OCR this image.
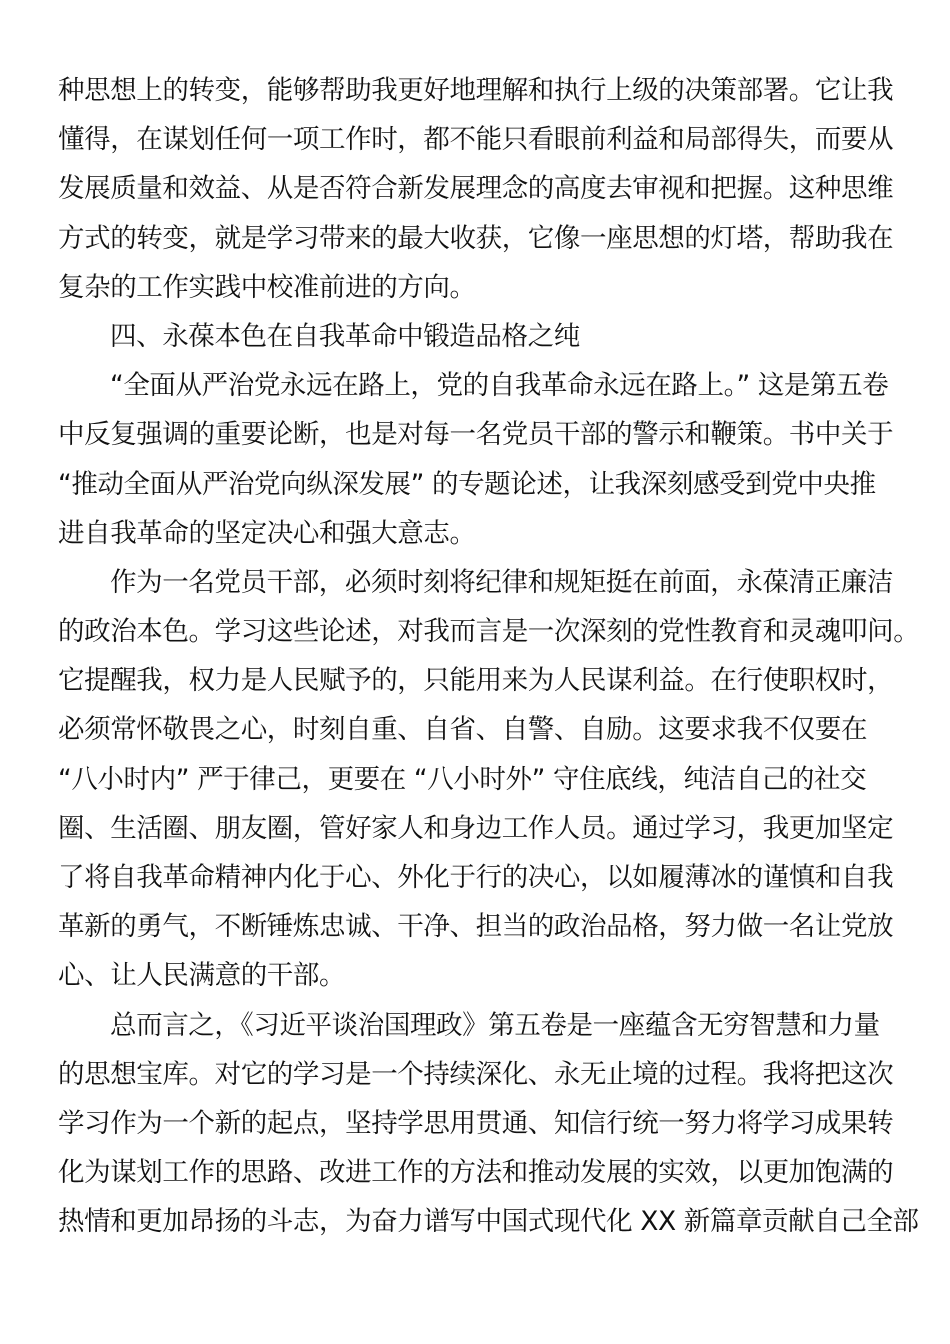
种思想上的转变，能够帮助我更好地理解和执行上级的决策部署。它让我
懂得，在谋划任何一项工作时，都不能只看眼前利益和局部得失，而要从
发展质量和效益、从是否符合新发展理念的高度去审视和把握。这种思维
方式的转变，就是学习带来的最大收获，它像一座思想的灯塔，帮助我在
复杂的工作实践中校准前进的方向。
四、永葆本色在自我革命中锻造品格之纯
“全面从严治党永远在路上，党的自我革命永远在路上。” 这是第五卷
中反复强调的重要论断，也是对每一名党员干部的警示和鞭策。书中关于
“推动全面从严治党向纵深发展” 的专题论述，让我深刻感受到党中央推
进自我革命的坚定决心和强大意志。
作为一名党员干部，必须时刻将纪律和规矩挺在前面，永葆清正廉洁
的政治本色。学习这些论述，对我而言是一次深刻的党性教育和灵魂叩问。
它提醒我，权力是人民赋予的，只能用来为人民谋利益。在行使职权时，
必须常怀敬畏之心，时刻自重、自省、自警、自励。这要求我不仅要在
“八小时内” 严于律己，更要在 “八小时外” 守住底线，纯洁自己的社交
圈、生活圈、朋友圈，管好家人和身边工作人员。通过学习，我更加坚定
了将自我革命精神内化于心、外化于行的决心，以如履薄冰的谨慎和自我
革新的勇气，不断锤炼忠诚、干净、担当的政治品格，努力做一名让党放
心、让人民满意的干部。
总而言之，《习近平谈治国理政》第五卷是一座蕴含无穷智慧和力量
的思想宝库。对它的学习是一个持续深化、永无止境的过程。我将把这次
学习作为一个新的起点，坚持学思用贯通、知信行统一努力将学习成果转
化为谋划工作的思路、改进工作的方法和推动发展的实效，以更加饱满的
热情和更加昂扬的斗志，为奋力谱写中国式现代化 XX 新篇章贡献自己全部
